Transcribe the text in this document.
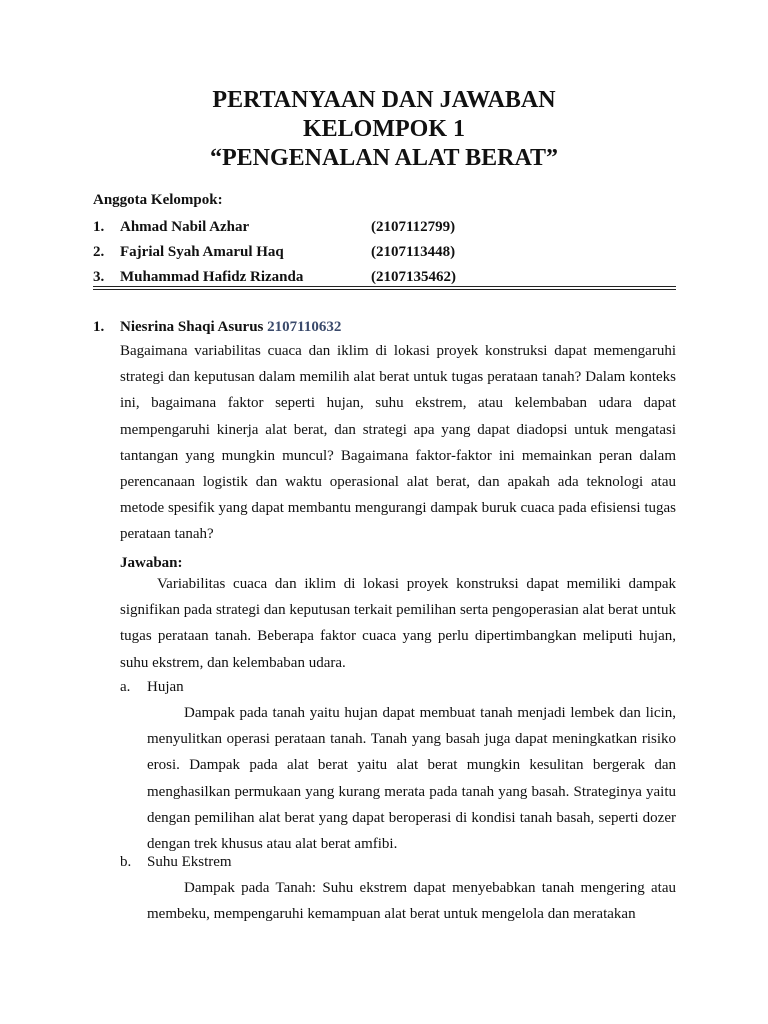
PERTANYAAN DAN JAWABAN
KELOMPOK 1
“PENGENALAN ALAT BERAT”
Anggota Kelompok:
1. Ahmad Nabil Azhar	(2107112799)
2. Fajrial Syah Amarul Haq	(2107113448)
3. Muhammad Hafidz Rizanda	(2107135462)
1. Niesrina Shaqi Asurus 2107110632

Bagaimana variabilitas cuaca dan iklim di lokasi proyek konstruksi dapat memengaruhi strategi dan keputusan dalam memilih alat berat untuk tugas perataan tanah? Dalam konteks ini, bagaimana faktor seperti hujan, suhu ekstrem, atau kelembaban udara dapat mempengaruhi kinerja alat berat, dan strategi apa yang dapat diadopsi untuk mengatasi tantangan yang mungkin muncul? Bagaimana faktor-faktor ini memainkan peran dalam perencanaan logistik dan waktu operasional alat berat, dan apakah ada teknologi atau metode spesifik yang dapat membantu mengurangi dampak buruk cuaca pada efisiensi tugas perataan tanah?

Jawaban:

Variabilitas cuaca dan iklim di lokasi proyek konstruksi dapat memiliki dampak signifikan pada strategi dan keputusan terkait pemilihan serta pengoperasian alat berat untuk tugas perataan tanah. Beberapa faktor cuaca yang perlu dipertimbangkan meliputi hujan, suhu ekstrem, dan kelembaban udara.

a. Hujan

Dampak pada tanah yaitu hujan dapat membuat tanah menjadi lembek dan licin, menyulitkan operasi perataan tanah. Tanah yang basah juga dapat meningkatkan risiko erosi. Dampak pada alat berat yaitu alat berat mungkin kesulitan bergerak dan menghasilkan permukaan yang kurang merata pada tanah yang basah. Strateginya yaitu dengan pemilihan alat berat yang dapat beroperasi di kondisi tanah basah, seperti dozer dengan trek khusus atau alat berat amfibi.

b. Suhu Ekstrem

Dampak pada Tanah: Suhu ekstrem dapat menyebabkan tanah mengering atau membeku, mempengaruhi kemampuan alat berat untuk mengelola dan meratakan
